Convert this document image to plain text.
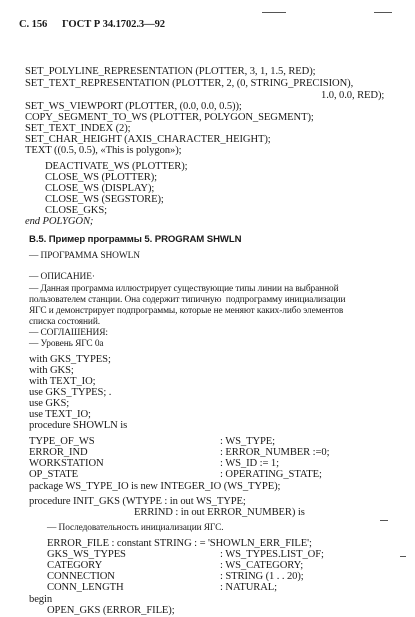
С. 156 ГОСТ Р 34.1702.3—92
SET_POLYLINE_REPRESENTATION (PLOTTER, 3, 1, 1.5, RED);
SET_TEXT_REPRESENTATION (PLOTTER, 2, (0, STRING_PRECISION),
1.0, 0.0, RED);
SET_WS_VIEWPORT (PLOTTER, (0.0, 0.0, 0.5));
COPY_SEGMENT_TO_WS (PLOTTER, POLYGON_SEGMENT);
SET_TEXT_INDEX (2);
SET_CHAR_HEIGHT (AXIS_CHARACTER_HEIGHT);
TEXT ((0.5, 0.5), «This is polygon»);
DEACTIVATE_WS (PLOTTER);
CLOSE_WS (PLOTTER);
CLOSE_WS (DISPLAY);
CLOSE_WS (SEGSTORE);
CLOSE_GKS;
end POLYGON;
В.5. Пример программы 5. PROGRAM SHWLN
— ПРОГРАММА SHOWLN
— ОПИСАНИЕ·
— Данная программа иллюстрирует существующие типы линии на выбранной
пользователем станции. Она содержит типичную  подпрограмму инициализации
ЯГС и демонстрирует подпрограммы, которые не меняют каких-либо элементов
списка состояний.
— СОГЛАШЕНИЯ:
— Уровень ЯГС 0а
with GKS_TYPES;
with GKS;
with TEXT_IO;
use GKS_TYPES; .
use GKS;
use TEXT_IO;
procedure SHOWLN is
TYPE_OF_WS	: WS_TYPE;
ERROR_IND	: ERROR_NUMBER :=0;
WORKSTATION	: WS_ID := 1;
OP_STATE	: OPERATING_STATE;
package WS_TYPE_IO is new INTEGER_IO (WS_TYPE);
procedure INIT_GKS (WTYPE : in out WS_TYPE;
ERRIND : in out ERROR_NUMBER) is
— Последовательность инициализации ЯГС.
ERROR_FILE : constant STRING : = 'SHOWLN_ERR_FILE';
GKS_WS_TYPES	: WS_TYPES.LIST_OF;
CATEGORY	: WS_CATEGORY;
CONNECTION	: STRING (1 . . 20);
CONN_LENGTH	: NATURAL;
begin
OPEN_GKS (ERROR_FILE);
